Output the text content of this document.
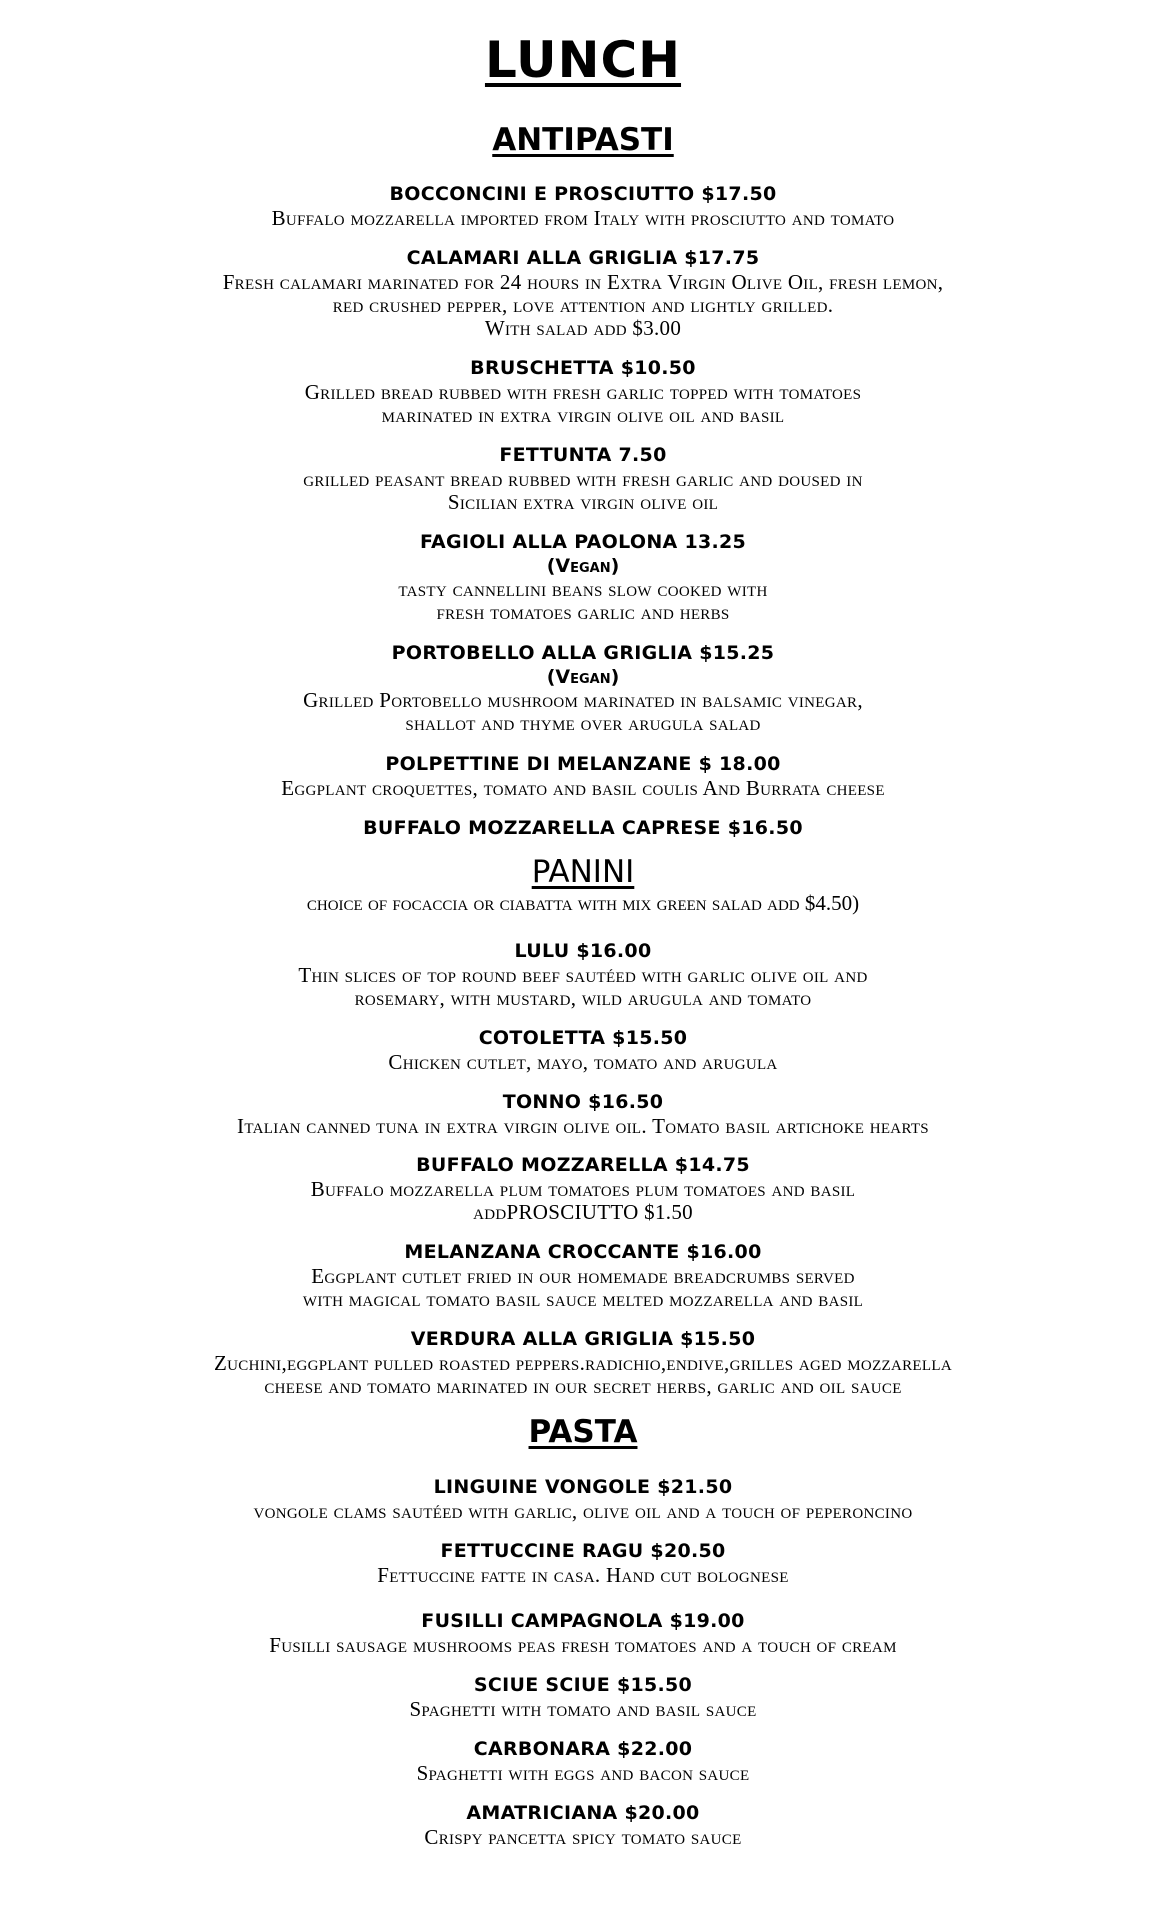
LUNCH
ANTIPASTI

BOCCONCINI E PROSCIUTTO $17.50

Buffalo mozzarella imported from Italy with prosciutto and tomato

CALAMARI ALLA GRIGLIA $17.75

Fresh calamari marinated for 24 hours in Extra Virgin Olive Oil, fresh lemon,

red crushed pepper, love attention and lightly grilled.

With salad add $3.00

BRUSCHETTA $10.50

Grilled bread rubbed with fresh garlic topped with tomatoes

marinated in extra virgin olive oil and basil

FETTUNTA 7.50

grilled peasant bread rubbed with fresh garlic and doused in

Sicilian extra virgin olive oil

FAGIOLI ALLA PAOLONA 13.25

(Vegan)

tasty cannellini beans slow cooked with

fresh tomatoes garlic and herbs

PORTOBELLO ALLA GRIGLIA $15.25

(Vegan)

Grilled Portobello mushroom marinated in balsamic vinegar,

shallot and thyme over arugula salad

POLPETTINE DI MELANZANE $ 18.00

Eggplant croquettes, tomato and basil coulis And Burrata cheese

BUFFALO MOZZARELLA CAPRESE $16.50

PANINI

choice of focaccia or ciabatta with mix green salad add $4.50)

LULU $16.00

Thin slices of top round beef sautéed with garlic olive oil and

rosemary, with mustard, wild arugula and tomato

COTOLETTA $15.50

Chicken cutlet, mayo, tomato and arugula

TONNO $16.50

Italian canned tuna in extra virgin olive oil. Tomato basil artichoke hearts

BUFFALO MOZZARELLA $14.75

Buffalo mozzarella plum tomatoes plum tomatoes and basil

addPROSCIUTTO $1.50

MELANZANA CROCCANTE $16.00

Eggplant cutlet fried in our homemade breadcrumbs served

with magical tomato basil sauce melted mozzarella and basil

VERDURA ALLA GRIGLIA $15.50

Zuchini,eggplant pulled roasted peppers.radichio,endive,grilles aged mozzarella

cheese and tomato marinated in our secret herbs, garlic and oil sauce

PASTA

LINGUINE VONGOLE $21.50

vongole clams sautéed with garlic, olive oil and a touch of peperoncino

FETTUCCINE RAGU $20.50

Fettuccine fatte in casa. Hand cut bolognese

FUSILLI CAMPAGNOLA $19.00

Fusilli sausage mushrooms peas fresh tomatoes and a touch of cream

SCIUE SCIUE $15.50

Spaghetti with tomato and basil sauce

CARBONARA $22.00

Spaghetti with eggs and bacon sauce

AMATRICIANA $20.00

Crispy pancetta spicy tomato sauce
